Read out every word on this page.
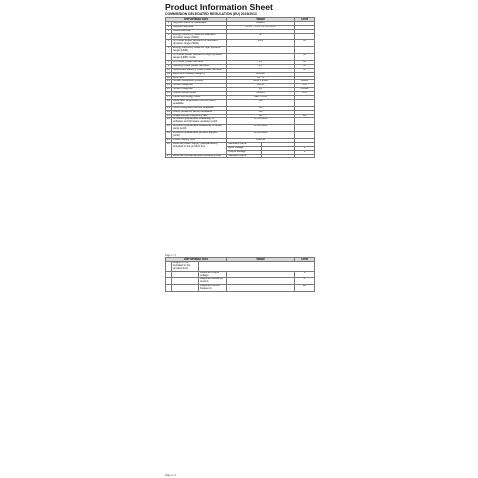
Product Information Sheet
COMMISSION DELEGATED REGULATION (EU) 2019/2013
INFORMATION		Value		Unit
1	Supplier name or trademark	Hitachi		
2	Supplier address	XXXX - XXX XX XXXXXX		
3	Model identifier			
4	Energy efficiency class for standard dynamic range (SDR)	E		
5	On mode power demand for standard dynamic range (SDR)	39.6		W
6	Energy efficiency class for high dynamic range (HDR)			
7	On mode power demand in high dynamic range (HDR) mode			W
8	Off mode, power demand	0.2		W
9	Standby mode power demand	0.3		W
10	Networked standby mode power demand			W
11	Electronic display category	Monitor		
12	Size ratio	16 : 9		
13	Screen resolution (pixels)	3840 x 2160		pixels
14	Screen diagonal	108.0		cm
15	Screen diagonal	43		inches
16	Visible screen area	4949.9		cm²
17	Panel technology used	LED / LCD		
18	Automatic Brightness Control (ABC) available	No		
19	Voice recognition sensor available	No		
20	Room presence sensor available	No		
21	Image refresh frequency rate	60		Hz
22	Minimum guaranteed availability of software and firmware updates (until)	20.12.2028		
23	Minimum guaranteed availability of spare parts (until)	20.12.2028		
24	Minimum guaranteed product support (until)	20.12.2028		
25	Power supply type	Internal		
26	External power supply (standardised) included in the product box	Standard name		
		Input voltage		V
		Output voltage		V
27	External nonstandardised suitable power	Standard name		
Page 1 / 2
INFORMATION			Value	Unit
	supply (if not included in the product box)			
		Required output voltage		V
		Required delivered current		A
		Required current frequency		Hz
Page 2 / 2
